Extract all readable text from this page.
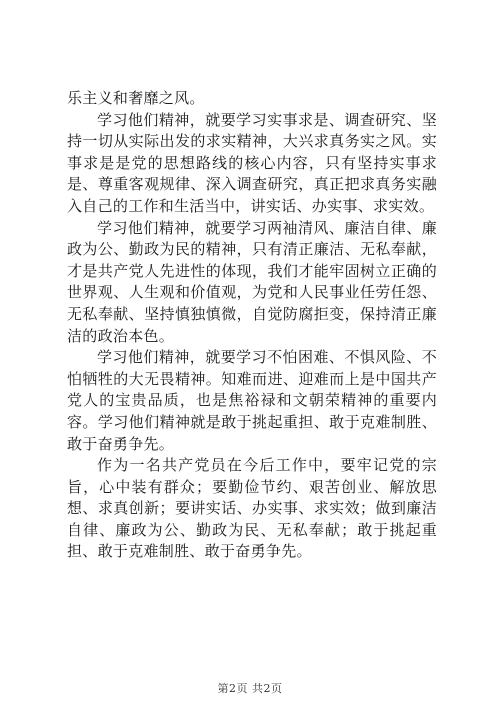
乐主义和奢靡之风。

学习他们精神，就要学习实事求是、调查研究、坚持一切从实际出发的求实精神，大兴求真务实之风。实事求是是党的思想路线的核心内容，只有坚持实事求是、尊重客观规律、深入调查研究，真正把求真务实融入自己的工作和生活当中，讲实话、办实事、求实效。

学习他们精神，就要学习两袖清风、廉洁自律、廉政为公、勤政为民的精神，只有清正廉洁、无私奉献，才是共产党人先进性的体现，我们才能牢固树立正确的世界观、人生观和价值观，为党和人民事业任劳任怨、无私奉献、坚持慎独慎微，自觉防腐拒变，保持清正廉洁的政治本色。

学习他们精神，就要学习不怕困难、不惧风险、不怕牺牲的大无畏精神。知难而进、迎难而上是中国共产党人的宝贵品质，也是焦裕禄和文朝荣精神的重要内容。学习他们精神就是敢于挑起重担、敢于克难制胜、敢于奋勇争先。

作为一名共产党员在今后工作中，要牢记党的宗旨，心中装有群众；要勤俭节约、艰苦创业、解放思想、求真创新；要讲实话、办实事、求实效；做到廉洁自律、廉政为公、勤政为民、无私奉献；敢于挑起重担、敢于克难制胜、敢于奋勇争先。

第2页 共2页
